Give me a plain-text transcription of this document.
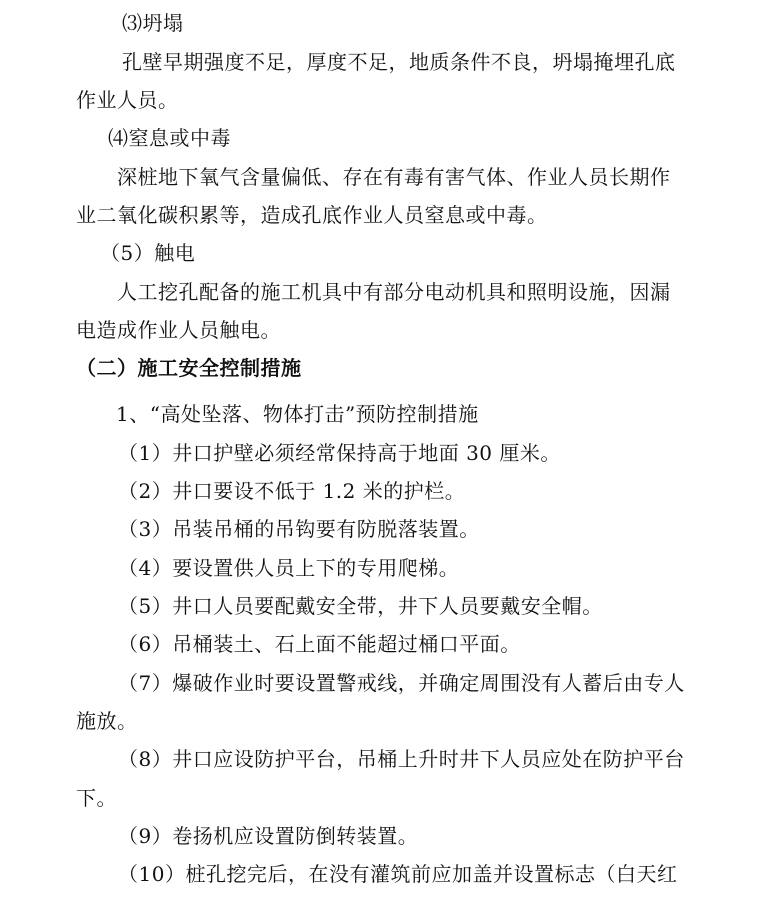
⑶坍塌
孔壁早期强度不足，厚度不足，地质条件不良，坍塌掩埋孔底
作业人员。
⑷窒息或中毒
深桩地下氧气含量偏低、存在有毒有害气体、作业人员长期作
业二氧化碳积累等，造成孔底作业人员窒息或中毒。
（5）触电
人工挖孔配备的施工机具中有部分电动机具和照明设施，因漏
电造成作业人员触电。
（二）施工安全控制措施
1、“高处坠落、物体打击”预防控制措施
（1）井口护壁必须经常保持高于地面 30 厘米。
（2）井口要设不低于 1.2 米的护栏。
（3）吊装吊桶的吊钩要有防脱落装置。
（4）要设置供人员上下的专用爬梯。
（5）井口人员要配戴安全带，井下人员要戴安全帽。
（6）吊桶装土、石上面不能超过桶口平面。
（7）爆破作业时要设置警戒线，并确定周围没有人蓄后由专人
施放。
（8）井口应设防护平台，吊桶上升时井下人员应处在防护平台
下。
（9）卷扬机应设置防倒转装置。
（10）桩孔挖完后，在没有灌筑前应加盖并设置标志（白天红
